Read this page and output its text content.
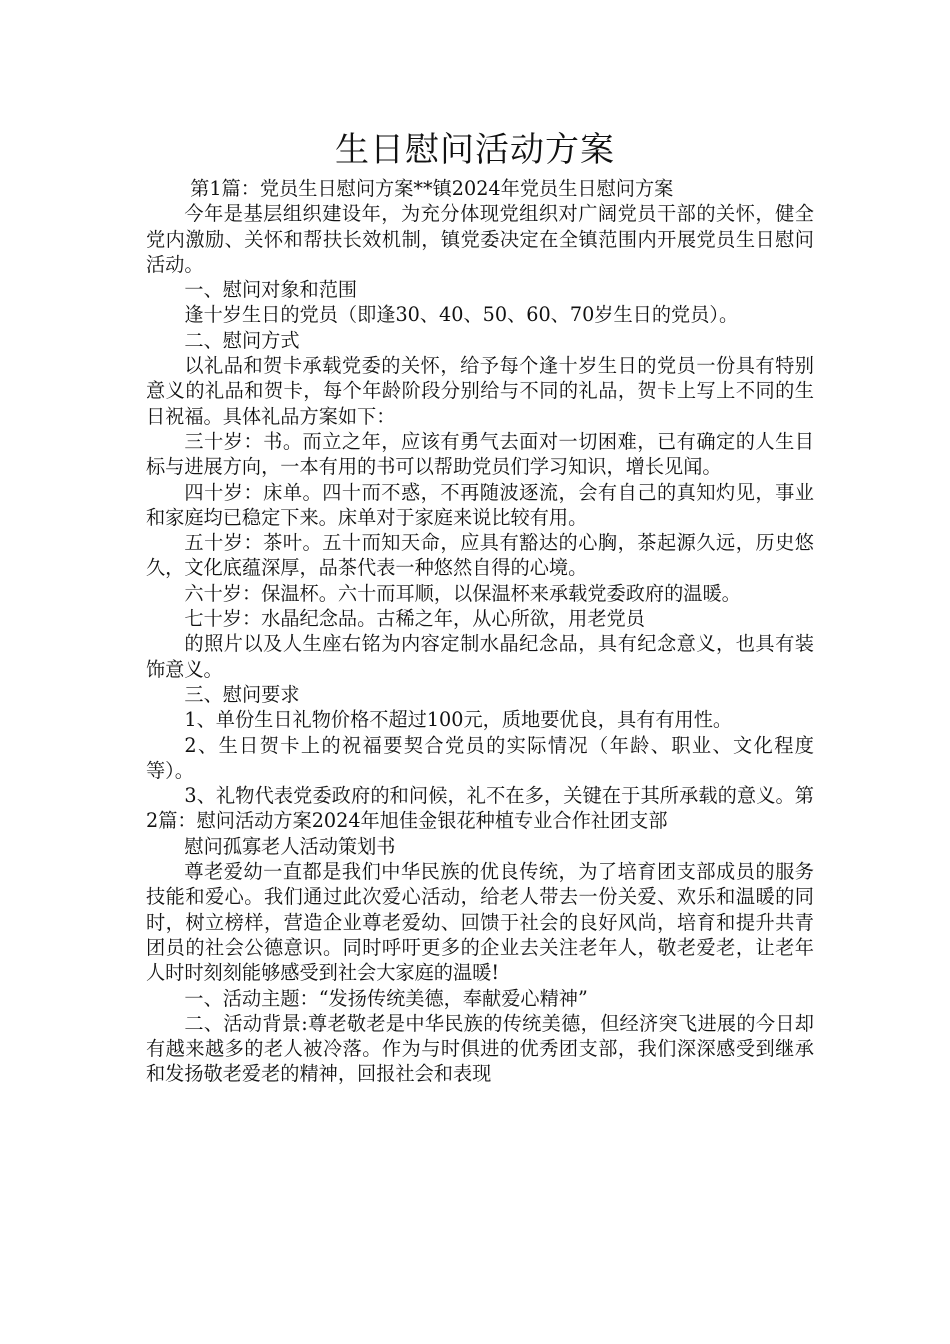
生日慰问活动方案

第1篇：党员生日慰问方案**镇2024年党员生日慰问方案

今年是基层组织建设年，为充分体现党组织对广阔党员干部的关怀，健全党内激励、关怀和帮扶长效机制，镇党委决定在全镇范围内开展党员生日慰问活动。

一、慰问对象和范围

逢十岁生日的党员（即逢30、40、50、60、70岁生日的党员）。

二、慰问方式

以礼品和贺卡承载党委的关怀，给予每个逢十岁生日的党员一份具有特别意义的礼品和贺卡，每个年龄阶段分别给与不同的礼品，贺卡上写上不同的生日祝福。具体礼品方案如下：

三十岁：书。而立之年，应该有勇气去面对一切困难，已有确定的人生目标与进展方向，一本有用的书可以帮助党员们学习知识，增长见闻。

四十岁：床单。四十而不惑，不再随波逐流，会有自己的真知灼见，事业和家庭均已稳定下来。床单对于家庭来说比较有用。

五十岁：茶叶。五十而知天命，应具有豁达的心胸，茶起源久远，历史悠久，文化底蕴深厚，品茶代表一种悠然自得的心境。

六十岁：保温杯。六十而耳顺，以保温杯来承载党委政府的温暖。

七十岁：水晶纪念品。古稀之年，从心所欲，用老党员

的照片以及人生座右铭为内容定制水晶纪念品，具有纪念意义，也具有装饰意义。

三、慰问要求

1、单份生日礼物价格不超过100元，质地要优良，具有有用性。

2、生日贺卡上的祝福要契合党员的实际情况（年龄、职业、文化程度等）。

3、礼物代表党委政府的和问候，礼不在多，关键在于其所承载的意义。第2篇：慰问活动方案2024年旭佳金银花种植专业合作社团支部

慰问孤寡老人活动策划书

尊老爱幼一直都是我们中华民族的优良传统，为了培育团支部成员的服务技能和爱心。我们通过此次爱心活动，给老人带去一份关爱、欢乐和温暖的同时，树立榜样，营造企业尊老爱幼、回馈于社会的良好风尚，培育和提升共青团员的社会公德意识。同时呼吁更多的企业去关注老年人，敬老爱老，让老年人时时刻刻能够感受到社会大家庭的温暖!

一、活动主题：“发扬传统美德，奉献爱心精神”

二、活动背景:尊老敬老是中华民族的传统美德，但经济突飞进展的今日却有越来越多的老人被冷落。作为与时俱进的优秀团支部，我们深深感受到继承和发扬敬老爱老的精神，回报社会和表现
